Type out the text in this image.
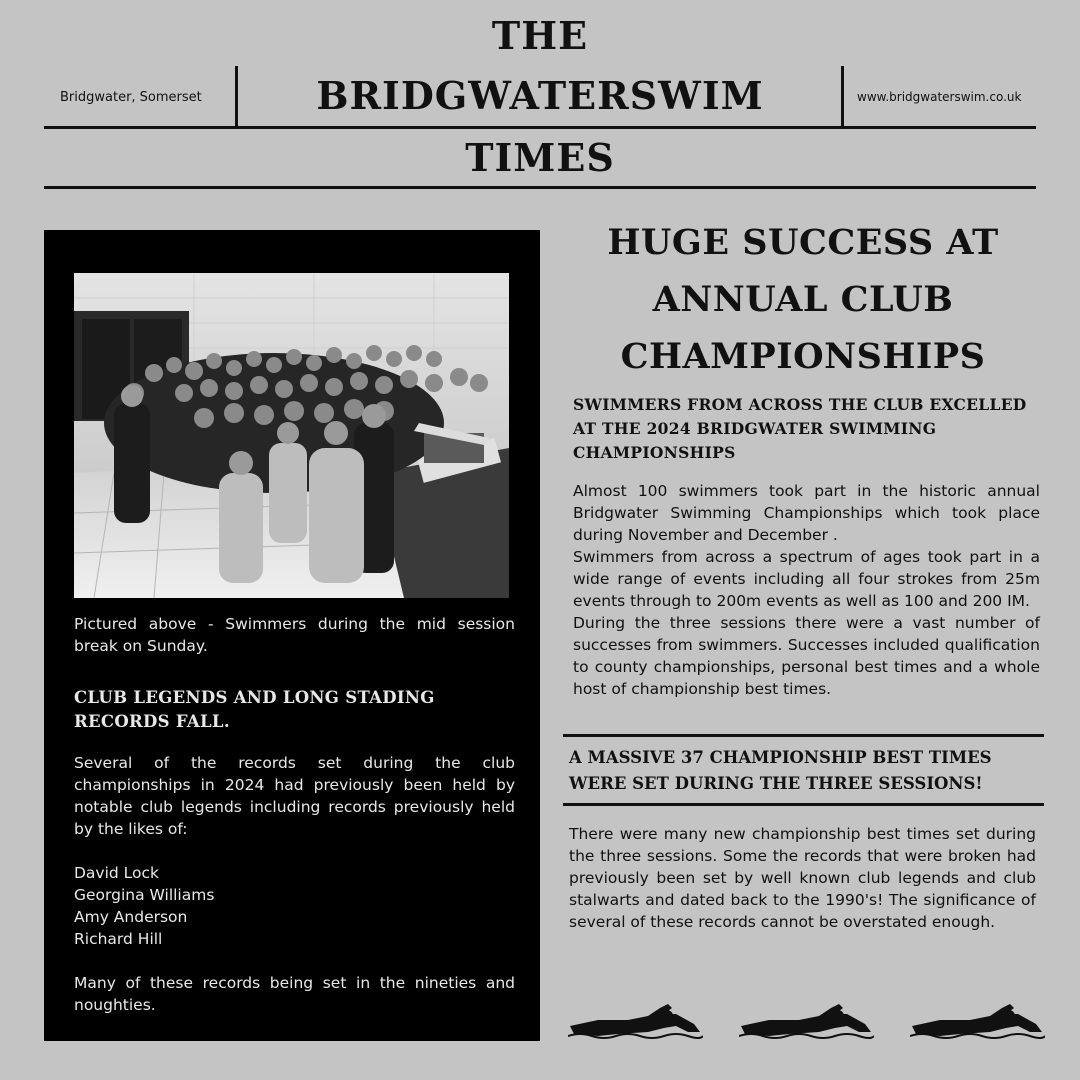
THE
BRIDGWATERSWIM
TIMES
Bridgwater, Somerset	www.bridgwaterswim.co.uk
Pictured above - Swimmers during the mid session break on Sunday.
CLUB LEGENDS AND LONG STADING
RECORDS FALL.
Several of the records set during the club championships in 2024 had previously been held by notable club legends including records previously held by the likes of:
David Lock
Georgina Williams
Amy Anderson
Richard Hill
Many of these records being set in the nineties and noughties.
HUGE SUCCESS AT
ANNUAL CLUB
CHAMPIONSHIPS
SWIMMERS FROM ACROSS THE CLUB EXCELLED AT THE 2024 BRIDGWATER SWIMMING CHAMPIONSHIPS

Almost 100 swimmers took part in the historic annual Bridgwater Swimming Championships which took place during November and December .

Swimmers from across a spectrum of ages took part in a wide range of events including all four strokes from 25m events through to 200m events as well as 100 and 200 IM.

During the three sessions there were a vast number of successes from swimmers. Successes included qualification to county championships, personal best times and a whole host of championship best times.

A MASSIVE 37 CHAMPIONSHIP BEST TIMES
WERE SET DURING THE THREE SESSIONS!
There were many new championship best times set during the three sessions. Some the records that were broken had previously been set by well known club legends and club stalwarts and dated back to the 1990's! The significance of several of these records cannot be overstated enough.
